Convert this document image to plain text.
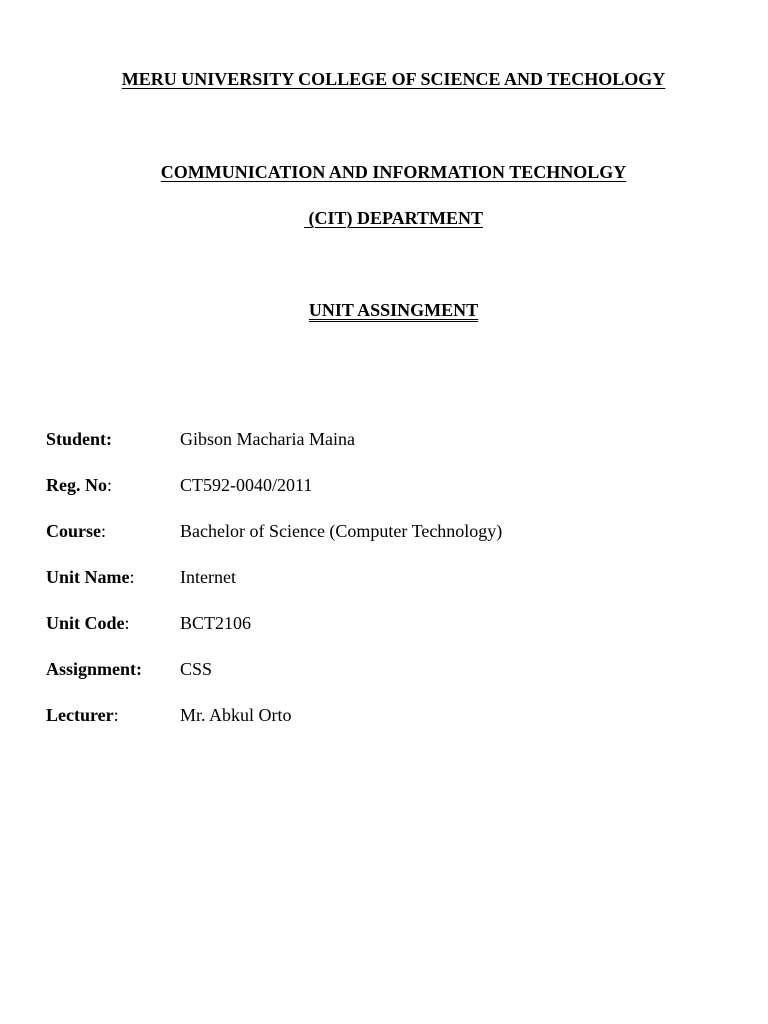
MERU UNIVERSITY COLLEGE OF SCIENCE AND TECHOLOGY

COMMUNICATION AND INFORMATION TECHNOLGY

(CIT) DEPARTMENT

UNIT ASSINGMENT

Student:	Gibson Macharia Maina
Reg. No:	CT592-0040/2011
Course:	Bachelor of Science (Computer Technology)
Unit Name:	Internet
Unit Code:	BCT2106
Assignment: CSS
Lecturer:	Mr. Abkul Orto
